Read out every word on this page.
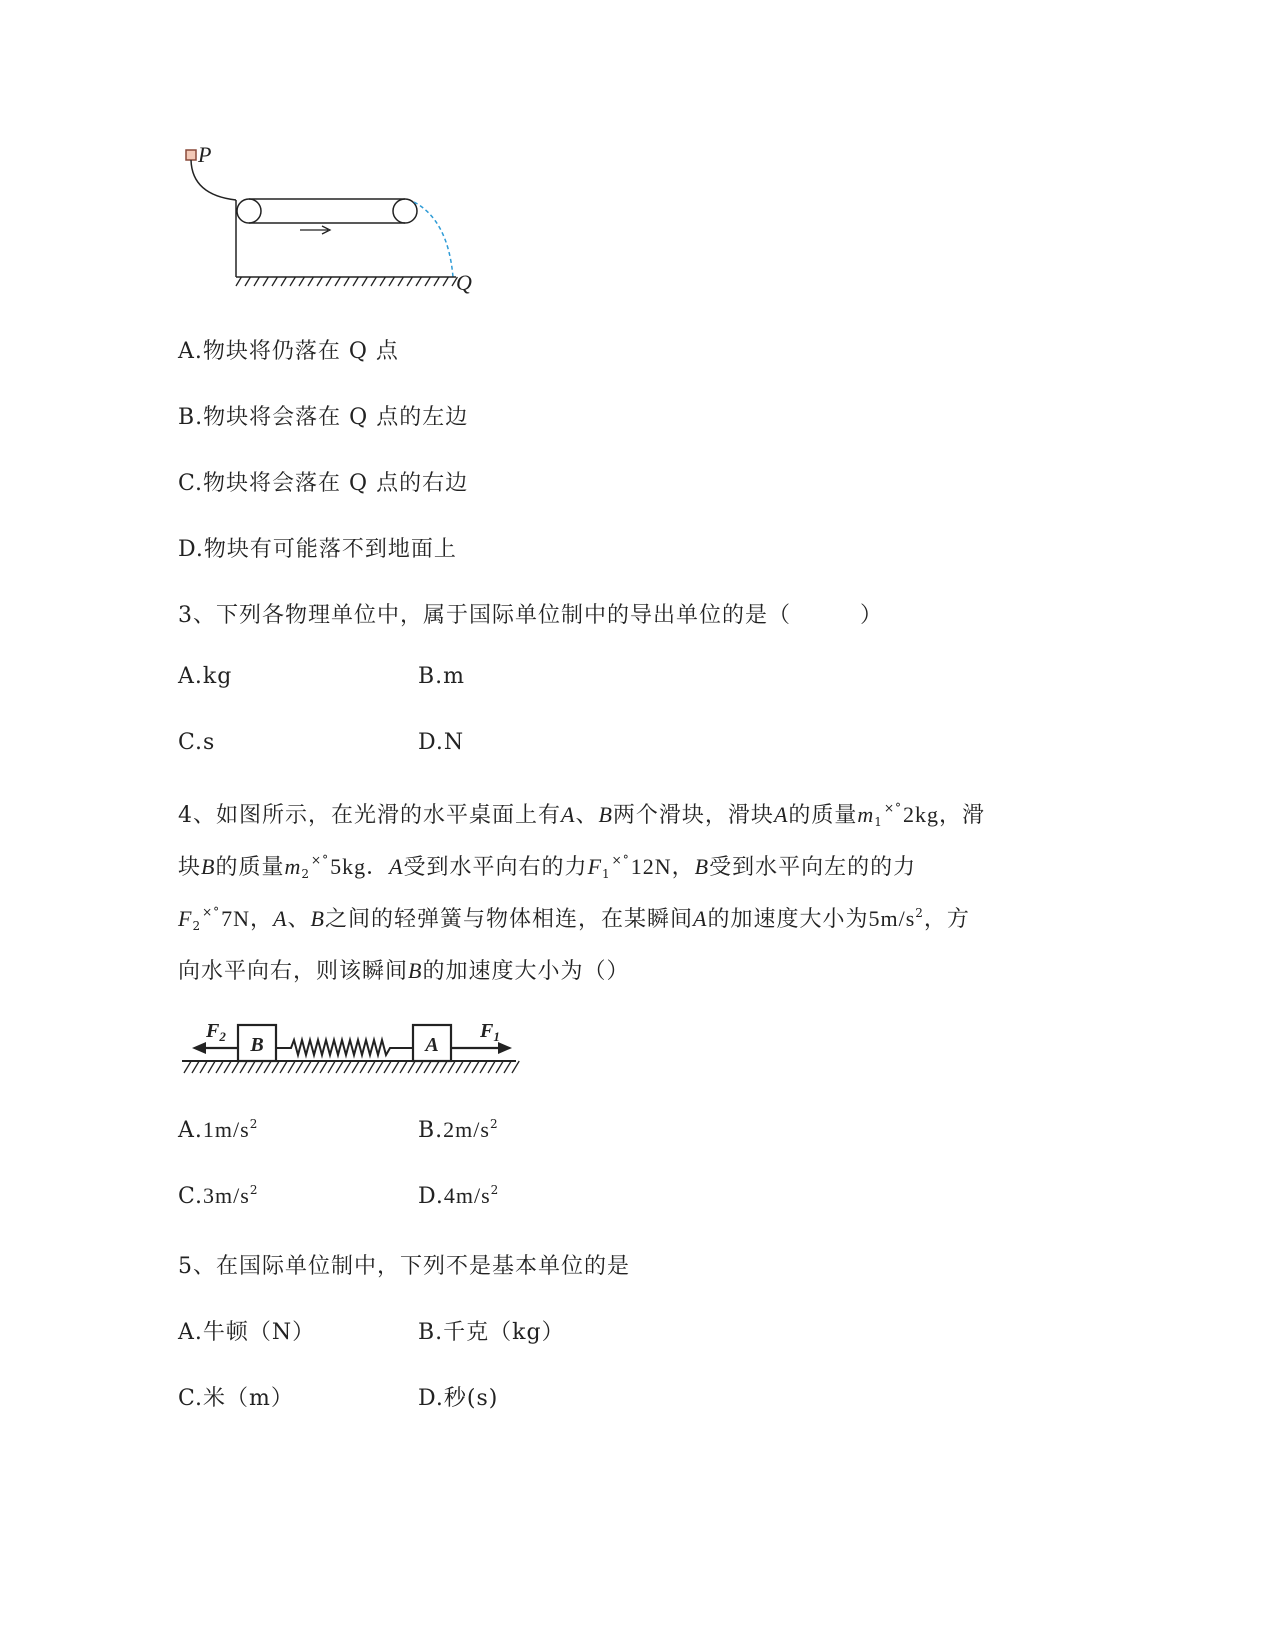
P
Q
A.物块将仍落在 Q 点
B.物块将会落在 Q 点的左边
C.物块将会落在 Q 点的右边
D.物块有可能落不到地面上
3、下列各物理单位中，属于国际单位制中的导出单位的是（　　　）
A.kg	B.m
C.s	D.N
4、如图所示，在光滑的水平桌面上有A、B两个滑块，滑块A的质量$m_1^{\times^\circ}2kg$，滑
块B的质量$m_2^{\times^\circ}5kg$．A受到水平向右的力$F_1^{\times^\circ}12N$，B受到水平向左的的力
$F_2^{\times^\circ}7N$，A、B之间的轻弹簧与物体相连，在某瞬间A的加速度大小为$5m/s^2$，方
向水平向右，则该瞬间B的加速度大小为（）
B	A
$F_2$	$F_1$
$A.1m/s^2$	$B.2m/s^2$
$C.3m/s^2$	$D.4m/s^2$
5、在国际单位制中，下列不是基本单位的是
A.牛顿（N）	B.千克（kg）
C.米（m）	D.秒(s)
